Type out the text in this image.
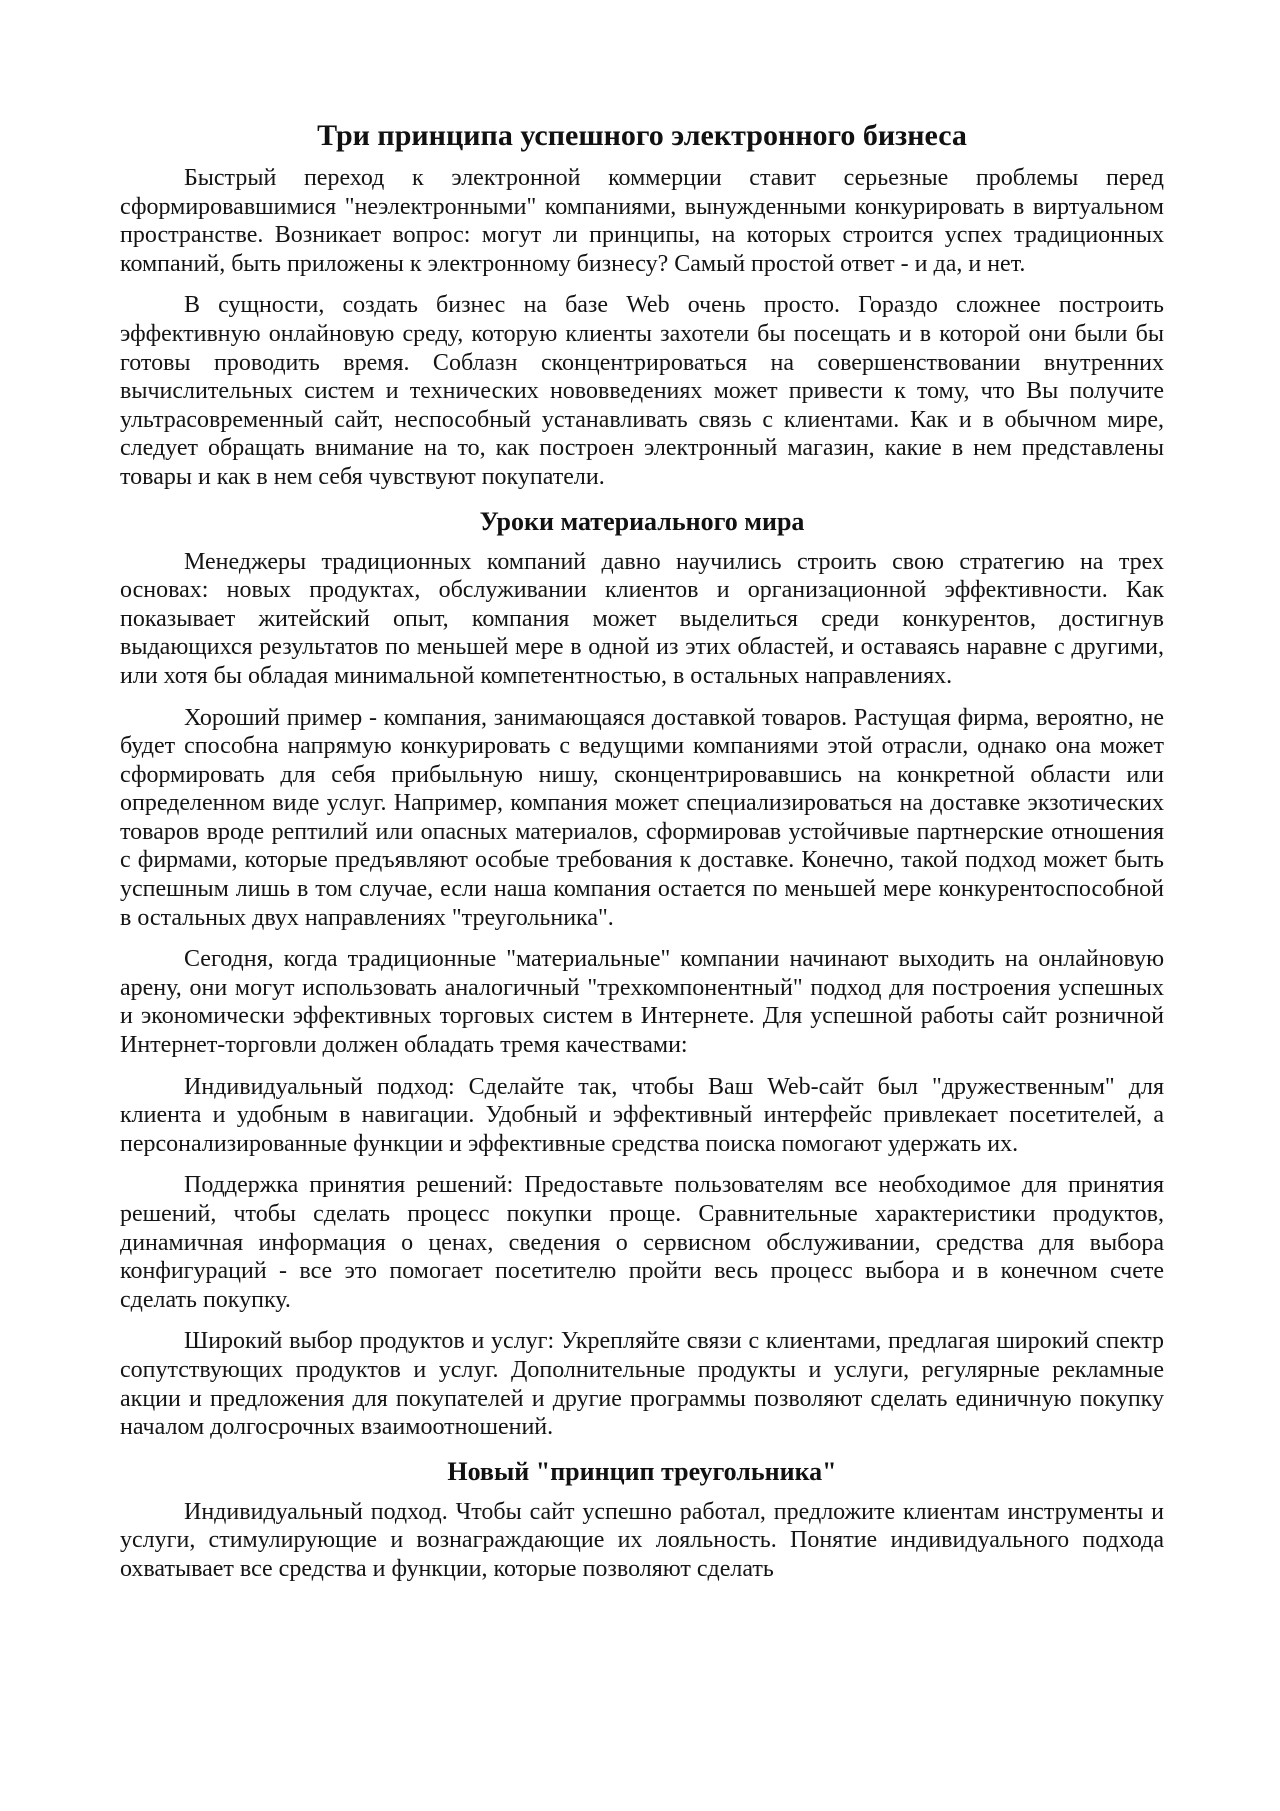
Три принципа успешного электронного бизнеса

Быстрый переход к электронной коммерции ставит серьезные проблемы перед сформировавшимися "неэлектронными" компаниями, вынужденными конкурировать в виртуальном пространстве. Возникает вопрос: могут ли принципы, на которых строится успех традиционных компаний, быть приложены к электронному бизнесу? Самый простой ответ - и да, и нет.

В сущности, создать бизнес на базе Web очень просто. Гораздо сложнее построить эффективную онлайновую среду, которую клиенты захотели бы посещать и в которой они были бы готовы проводить время. Соблазн сконцентрироваться на совершенствовании внутренних вычислительных систем и технических нововведениях может привести к тому, что Вы получите ультрасовременный сайт, неспособный устанавливать связь с клиентами. Как и в обычном мире, следует обращать внимание на то, как построен электронный магазин, какие в нем представлены товары и как в нем себя чувствуют покупатели.

Уроки материального мира

Менеджеры традиционных компаний давно научились строить свою стратегию на трех основах: новых продуктах, обслуживании клиентов и организационной эффективности. Как показывает житейский опыт, компания может выделиться среди конкурентов, достигнув выдающихся результатов по меньшей мере в одной из этих областей, и оставаясь наравне с другими, или хотя бы обладая минимальной компетентностью, в остальных направлениях.

Хороший пример - компания, занимающаяся доставкой товаров. Растущая фирма, вероятно, не будет способна напрямую конкурировать с ведущими компаниями этой отрасли, однако она может сформировать для себя прибыльную нишу, сконцентрировавшись на конкретной области или определенном виде услуг. Например, компания может специализироваться на доставке экзотических товаров вроде рептилий или опасных материалов, сформировав устойчивые партнерские отношения с фирмами, которые предъявляют особые требования к доставке. Конечно, такой подход может быть успешным лишь в том случае, если наша компания остается по меньшей мере конкурентоспособной в остальных двух направлениях "треугольника".

Сегодня, когда традиционные "материальные" компании начинают выходить на онлайновую арену, они могут использовать аналогичный "трехкомпонентный" подход для построения успешных и экономически эффективных торговых систем в Интернете. Для успешной работы сайт розничной Интернет-торговли должен обладать тремя качествами:

Индивидуальный подход: Сделайте так, чтобы Ваш Web-сайт был "дружественным" для клиента и удобным в навигации. Удобный и эффективный интерфейс привлекает посетителей, а персонализированные функции и эффективные средства поиска помогают удержать их.

Поддержка принятия решений: Предоставьте пользователям все необходимое для принятия решений, чтобы сделать процесс покупки проще. Сравнительные характеристики продуктов, динамичная информация о ценах, сведения о сервисном обслуживании, средства для выбора конфигураций - все это помогает посетителю пройти весь процесс выбора и в конечном счете сделать покупку.

Широкий выбор продуктов и услуг: Укрепляйте связи с клиентами, предлагая широкий спектр сопутствующих продуктов и услуг. Дополнительные продукты и услуги, регулярные рекламные акции и предложения для покупателей и другие программы позволяют сделать единичную покупку началом долгосрочных взаимоотношений.

Новый "принцип треугольника"

Индивидуальный подход. Чтобы сайт успешно работал, предложите клиентам инструменты и услуги, стимулирующие и вознаграждающие их лояльность. Понятие индивидуального подхода охватывает все средства и функции, которые позволяют сделать
